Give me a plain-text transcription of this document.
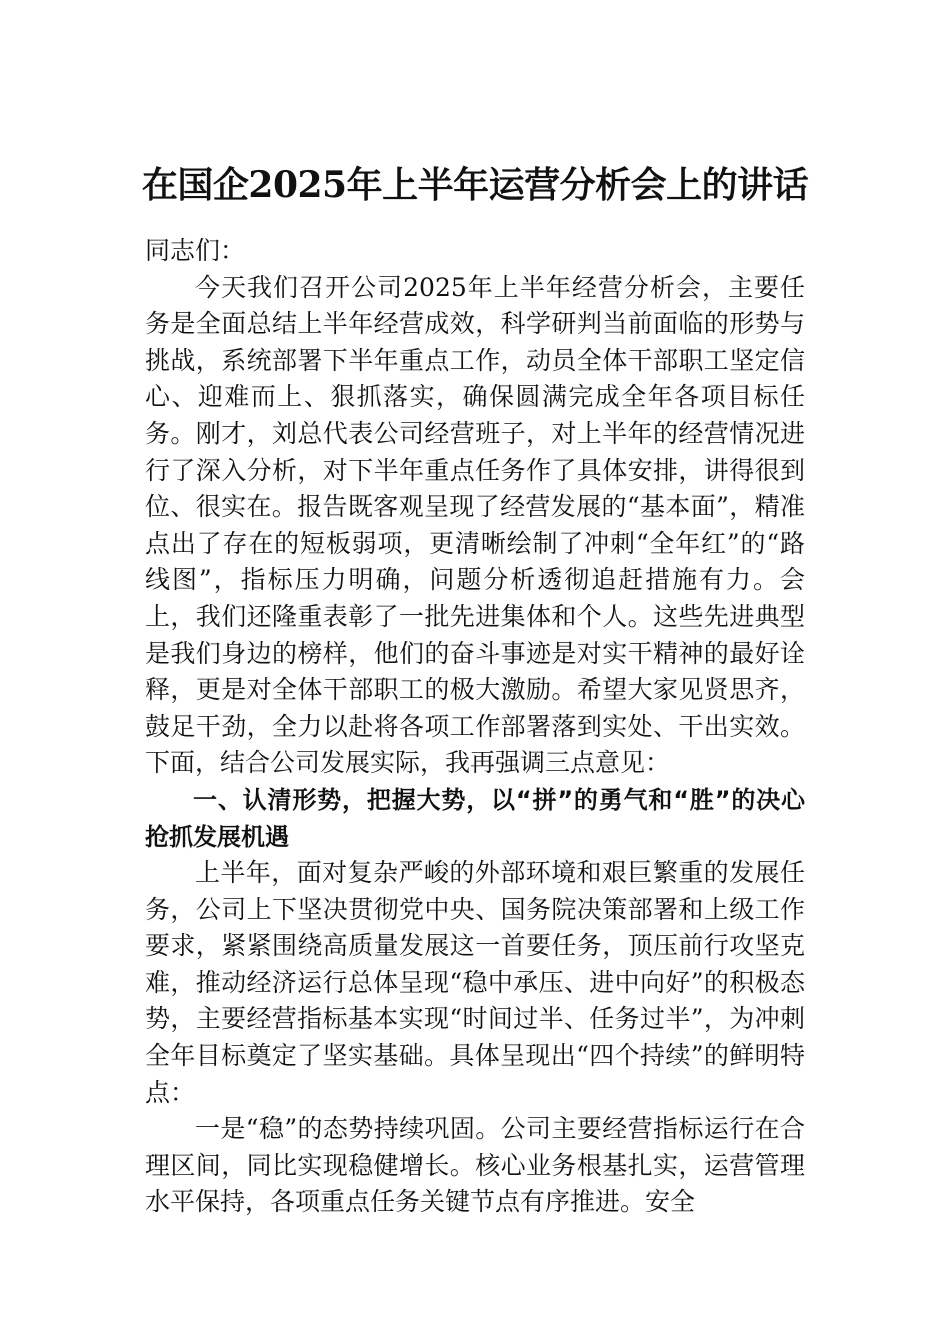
在国企2025年上半年运营分析会上的讲话

同志们：

今天我们召开公司2025年上半年经营分析会，主要任务是全面总结上半年经营成效，科学研判当前面临的形势与挑战，系统部署下半年重点工作，动员全体干部职工坚定信心、迎难而上、狠抓落实，确保圆满完成全年各项目标任务。刚才，刘总代表公司经营班子，对上半年的经营情况进行了深入分析，对下半年重点任务作了具体安排，讲得很到位、很实在。报告既客观呈现了经营发展的“基本面”，精准点出了存在的短板弱项，更清晰绘制了冲刺“全年红”的“路线图”，指标压力明确，问题分析透彻追赶措施有力。会上，我们还隆重表彰了一批先进集体和个人。这些先进典型是我们身边的榜样，他们的奋斗事迹是对实干精神的最好诠释，更是对全体干部职工的极大激励。希望大家见贤思齐，鼓足干劲，全力以赴将各项工作部署落到实处、干出实效。下面，结合公司发展实际，我再强调三点意见：

一、认清形势，把握大势，以“拼”的勇气和“胜”的决心抢抓发展机遇

上半年，面对复杂严峻的外部环境和艰巨繁重的发展任务，公司上下坚决贯彻党中央、国务院决策部署和上级工作要求，紧紧围绕高质量发展这一首要任务，顶压前行攻坚克难，推动经济运行总体呈现“稳中承压、进中向好”的积极态势，主要经营指标基本实现“时间过半、任务过半”，为冲刺全年目标奠定了坚实基础。具体呈现出“四个持续”的鲜明特点：

一是“稳”的态势持续巩固。公司主要经营指标运行在合理区间，同比实现稳健增长。核心业务根基扎实，运营管理水平保持，各项重点任务关键节点有序推进。安全
